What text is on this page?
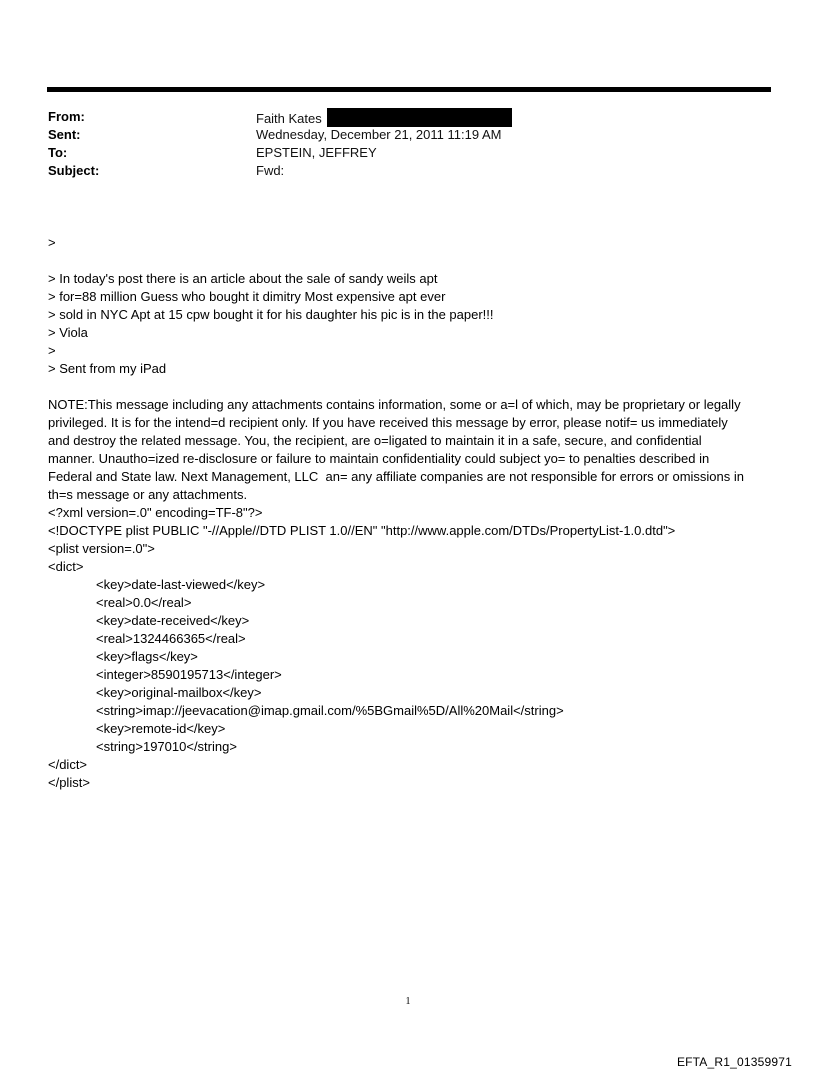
From:	Faith Kates
Sent:	Wednesday, December 21, 2011 11:19 AM
To:	EPSTEIN, JEFFREY
Subject:	Fwd:
>
> In today's post there is an article about the sale of sandy weils apt
> for=88 million Guess who bought it dimitry Most expensive apt ever
> sold in NYC Apt at 15 cpw bought it for his daughter his pic is in the paper!!!
> Viola
>
> Sent from my iPad
NOTE:This message including any attachments contains information, some or a=l of which, may be proprietary or legally
privileged. It is for the intend=d recipient only. If you have received this message by error, please notif= us immediately
and destroy the related message. You, the recipient, are o=ligated to maintain it in a safe, secure, and confidential
manner. Unautho=ized re-disclosure or failure to maintain confidentiality could subject yo= to penalties described in
Federal and State law. Next Management, LLC  an= any affiliate companies are not responsible for errors or omissions in
th=s message or any attachments.
<?xml version=.0" encoding=TF-8"?>
<!DOCTYPE plist PUBLIC "-//Apple//DTD PLIST 1.0//EN" "http://www.apple.com/DTDs/PropertyList-1.0.dtd">
<plist version=.0">
<dict>
<key>date-last-viewed</key>
<real>0.0</real>
<key>date-received</key>
<real>1324466365</real>
<key>flags</key>
<integer>8590195713</integer>
<key>original-mailbox</key>
<string>imap://jeevacation@imap.gmail.com/%5BGmail%5D/All%20Mail</string>
<key>remote-id</key>
<string>197010</string>
</dict>
</plist>
1
EFTA_R1_01359971
